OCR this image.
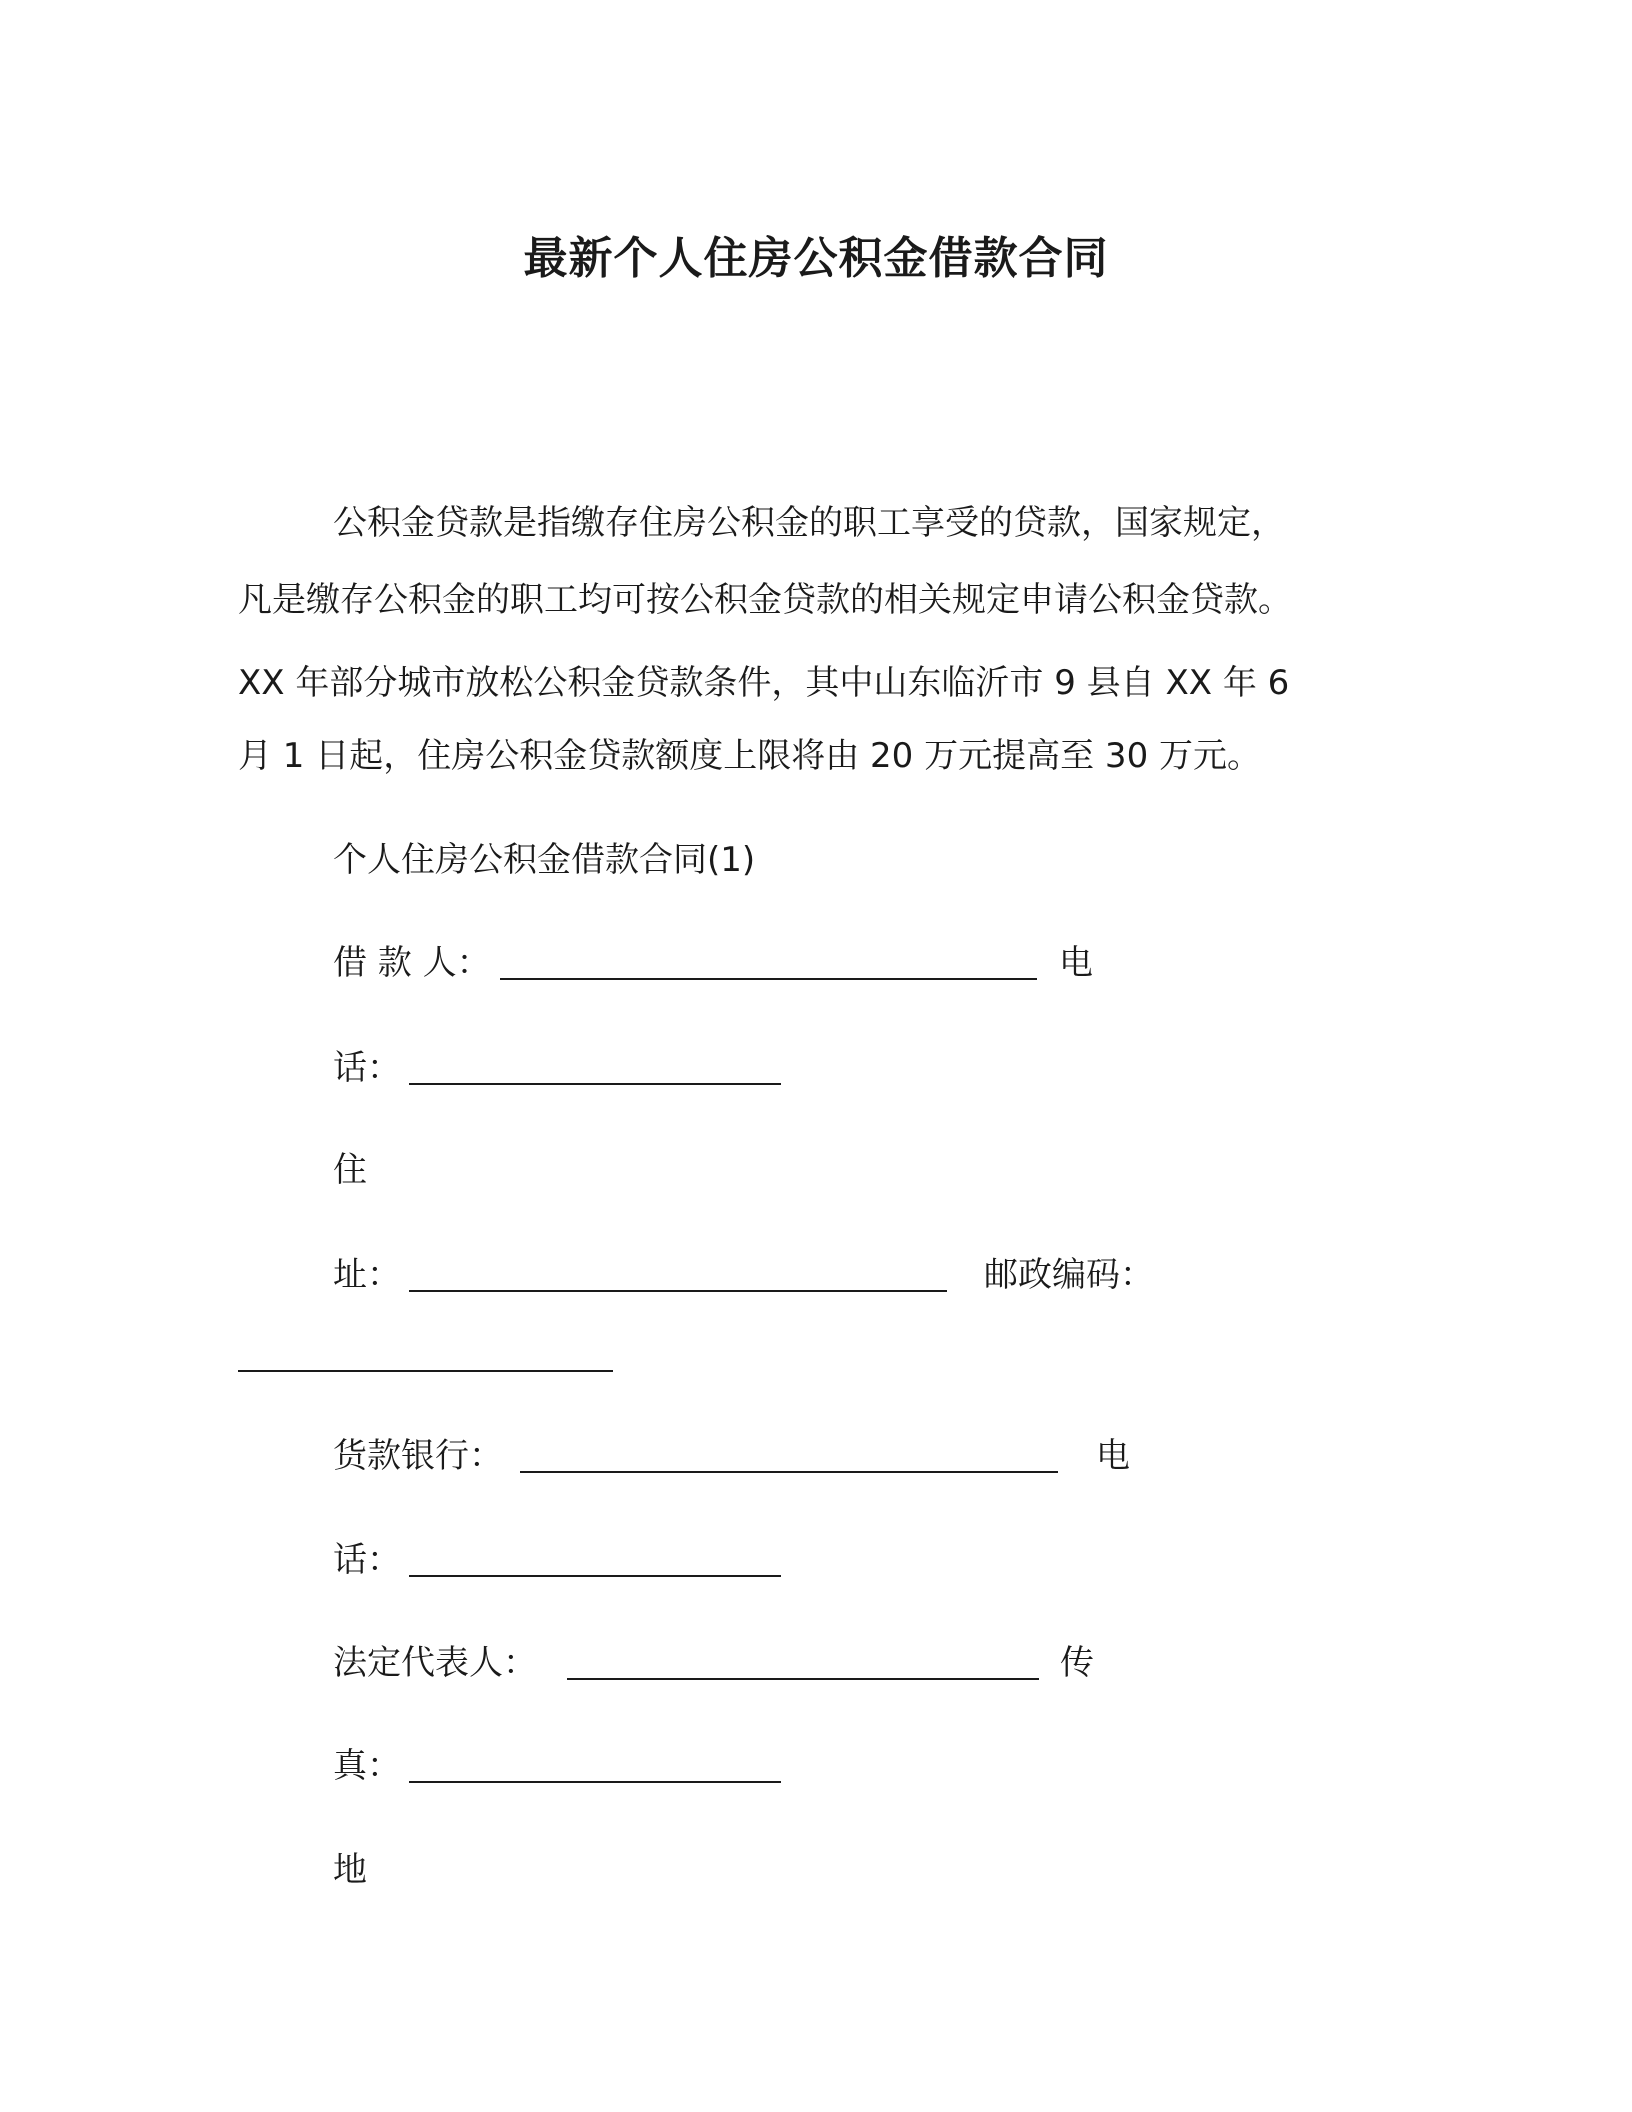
最新个人住房公积金借款合同
公积金贷款是指缴存住房公积金的职工享受的贷款，国家规定，
凡是缴存公积金的职工均可按公积金贷款的相关规定申请公积金贷款。
XX 年部分城市放松公积金贷款条件，其中山东临沂市 9 县自 XX 年 6
月 1 日起，住房公积金贷款额度上限将由 20 万元提高至 30 万元。
个人住房公积金借款合同(1)
借 款 人：	电
话：
住
址：	邮政编码：
货款银行：	电
话：
法定代表人：	传
真：
地
